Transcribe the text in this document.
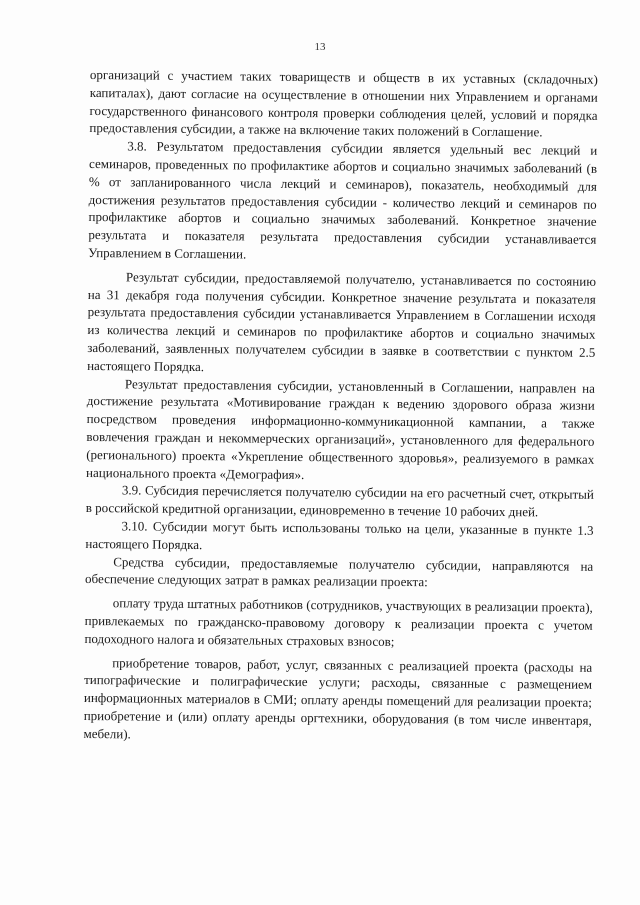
13

организаций с участием таких товариществ и обществ в их уставных (складочных) капиталах), дают согласие на осуществление в отношении них Управлением и органами государственного финансового контроля проверки соблюдения целей, условий и порядка предоставления субсидии, а также на включение таких положений в Соглашение.

3.8. Результатом предоставления субсидии является удельный вес лекций и семинаров, проведенных по профилактике абортов и социально значимых заболеваний (в % от запланированного числа лекций и семинаров), показатель, необходимый для достижения результатов предоставления субсидии - количество лекций и семинаров по профилактике абортов и социально значимых заболеваний. Конкретное значение результата и показателя результата предоставления субсидии устанавливается Управлением в Соглашении.

Результат субсидии, предоставляемой получателю, устанавливается по состоянию на 31 декабря года получения субсидии. Конкретное значение результата и показателя результата предоставления субсидии устанавливается Управлением в Соглашении исходя из количества лекций и семинаров по профилактике абортов и социально значимых заболеваний, заявленных получателем субсидии в заявке в соответствии с пунктом 2.5 настоящего Порядка.

Результат предоставления субсидии, установленный в Соглашении, направлен на достижение результата «Мотивирование граждан к ведению здорового образа жизни посредством проведения информационно-коммуникационной кампании, а также вовлечения граждан и некоммерческих организаций», установленного для федерального (регионального) проекта «Укрепление общественного здоровья», реализуемого в рамках национального проекта «Демография».

3.9. Субсидия перечисляется получателю субсидии на его расчетный счет, открытый в российской кредитной организации, единовременно в течение 10 рабочих дней.

3.10. Субсидии могут быть использованы только на цели, указанные в пункте 1.3 настоящего Порядка.

Средства субсидии, предоставляемые получателю субсидии, направляются на обеспечение следующих затрат в рамках реализации проекта:

оплату труда штатных работников (сотрудников, участвующих в реализации проекта), привлекаемых по гражданско-правовому договору к реализации проекта с учетом подоходного налога и обязательных страховых взносов;

приобретение товаров, работ, услуг, связанных с реализацией проекта (расходы на типографические и полиграфические услуги; расходы, связанные с размещением информационных материалов в СМИ; оплату аренды помещений для реализации проекта; приобретение и (или) оплату аренды оргтехники, оборудования (в том числе инвентаря, мебели).
